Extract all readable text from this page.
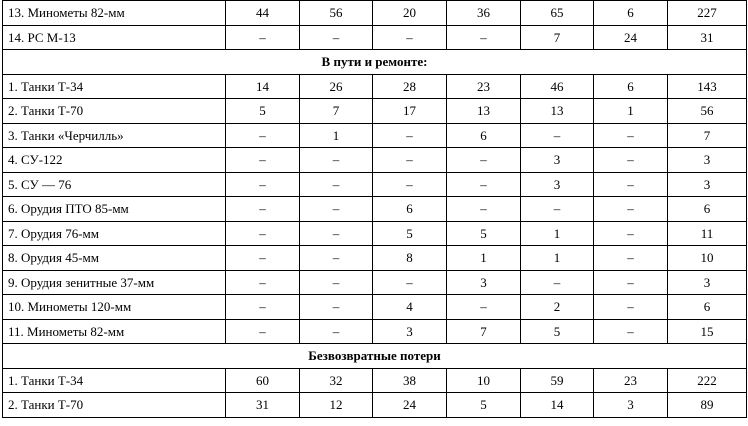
13. Минометы 82-мм	44	56	20	36	65	6	227
14. РС М-13	–	–	–	–	7	24	31
В пути и ремонте:							
1. Танки Т-34	14	26	28	23	46	6	143
2. Танки Т-70	5	7	17	13	13	1	56
3. Танки «Черчилль»	–	1	–	6	–	–	7
4. СУ-122	–	–	–	–	3	–	3
5. СУ — 76	–	–	–	–	3	–	3
6. Орудия ПТО 85-мм	–	–	6	–	–	–	6
7. Орудия 76-мм	–	–	5	5	1	–	11
8. Орудия 45-мм	–	–	8	1	1	–	10
9. Орудия зенитные 37-мм	–	–	–	3	–	–	3
10. Минометы 120-мм	–	–	4	–	2	–	6
11. Минометы 82-мм	–	–	3	7	5	–	15
Безвозвратные потери							
1. Танки Т-34	60	32	38	10	59	23	222
2. Танки Т-70	31	12	24	5	14	3	89
